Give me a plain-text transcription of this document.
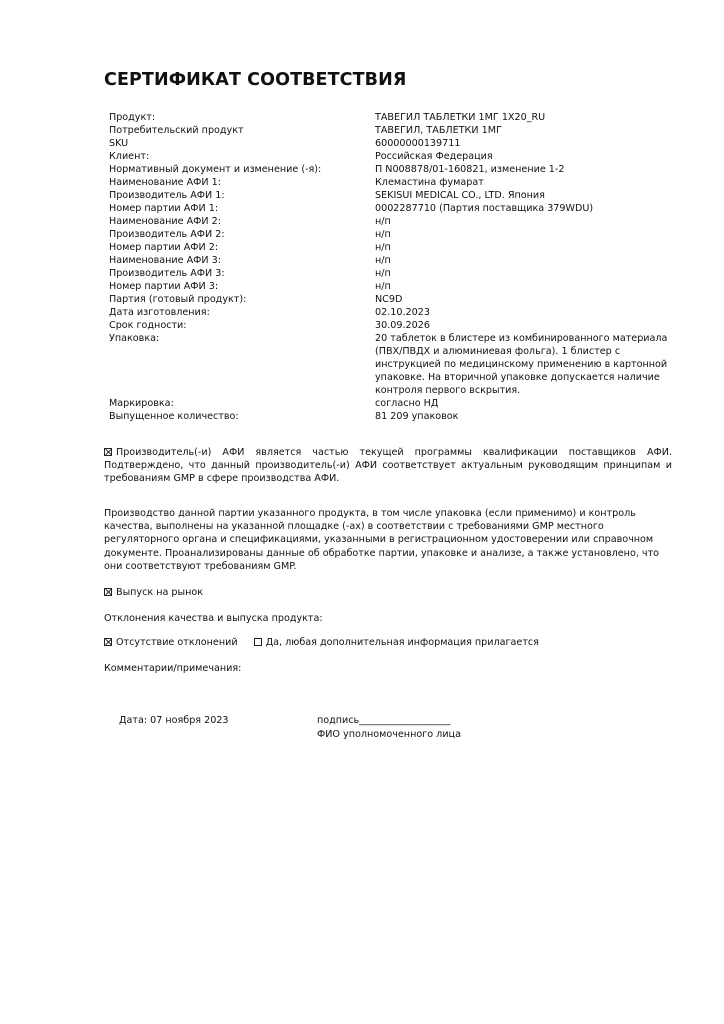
СЕРТИФИКАТ СООТВЕТСТВИЯ
Продукт:	ТАВЕГИЛ ТАБЛЕТКИ 1МГ 1Х20_RU
Потребительский продукт	ТАВЕГИЛ, ТАБЛЕТКИ 1МГ
SKU	60000000139711
Клиент:	Российская Федерация
Нормативный документ и изменение (-я):	П N008878/01-160821, изменение 1-2
Наименование АФИ 1:	Клемастина фумарат
Производитель АФИ 1:	SEKISUI MEDICAL CO., LTD. Япония
Номер партии АФИ 1:	0002287710 (Партия поставщика 379WDU)
Наименование АФИ 2:	н/п
Производитель АФИ 2:	н/п
Номер партии АФИ 2:	н/п
Наименование АФИ 3:	н/п
Производитель АФИ 3:	н/п
Номер партии АФИ 3:	н/п
Партия (готовый продукт):	NC9D
Дата изготовления:	02.10.2023
Срок годности:	30.09.2026
Упаковка:	20 таблеток в блистере из комбинированного материала (ПВХ/ПВДХ и алюминиевая фольга). 1 блистер с инструкцией по медицинскому применению в картонной упаковке. На вторичной упаковке допускается наличие контроля первого вскрытия.
Маркировка:	согласно НД
Выпущенное количество:	81 209 упаковок
Производитель(-и) АФИ является частью текущей программы квалификации поставщиков АФИ. Подтверждено, что данный производитель(-и) АФИ соответствует актуальным руководящим принципам и требованиям GMP в сфере производства АФИ.
Производство данной партии указанного продукта, в том числе упаковка (если применимо) и контроль качества, выполнены на указанной площадке (-ах) в соответствии с требованиями GMP местного регуляторного органа и спецификациями, указанными в регистрационном удостоверении или справочном документе. Проанализированы данные об обработке партии, упаковке и анализе, а также установлено, что они соответствуют требованиям GMP.
Выпуск на рынок
Отклонения качества и выпуска продукта:
Отсутствие отклонений	Да, любая дополнительная информация прилагается
Комментарии/примечания:
Дата: 07 ноября 2023	подпись___________________
ФИО уполномоченного лица
